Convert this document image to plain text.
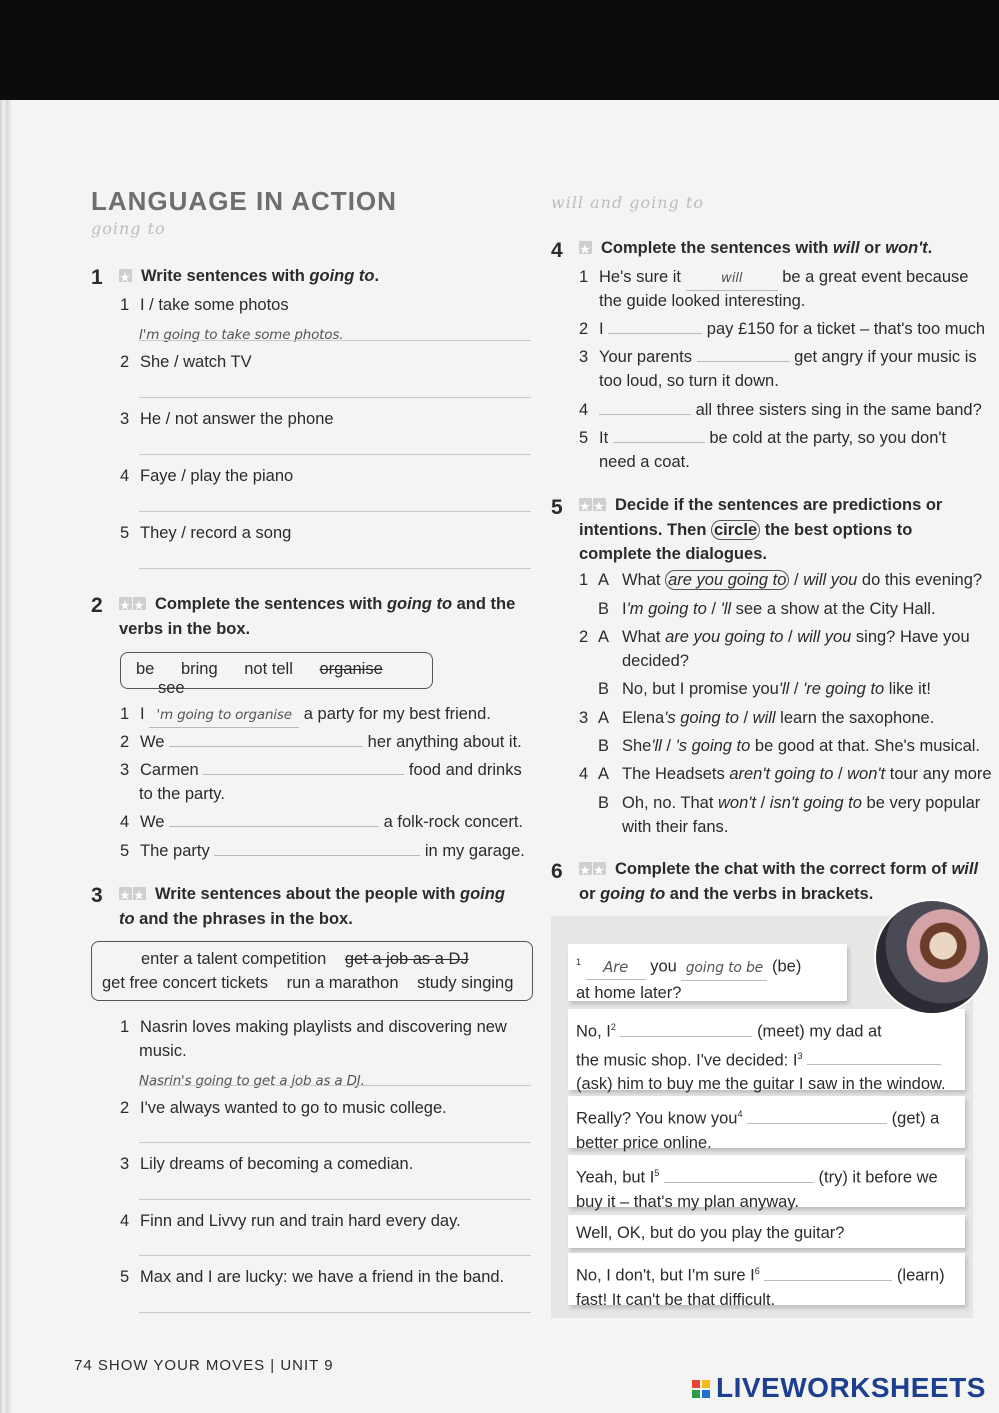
LANGUAGE IN ACTION
going to
1 ★	Write sentences with going to.
1 I / take some photos
I'm going to take some photos.
2 She / watch TV
3 He / not answer the phone
4 Faye / play the piano
5 They / record a song
2 ★★	Complete the sentences with going to and the
verbs in the box.
be bring not tell organise see
1 I 'm going to organise a party for my best friend.
2 We	her anything about it.
3 Carmen	food and drinks
to the party.
4 We	a folk-rock concert.
5 The party	in my garage.
3 ★★	Write sentences about the people with going
to and the phrases in the box.
enter a talent competition get a job as a DJ
get free concert tickets run a marathon study singing
1 Nasrin loves making playlists and discovering new
music.
Nasrin's going to get a job as a DJ.
2 I've always wanted to go to music college.
3 Lily dreams of becoming a comedian.
4 Finn and Livvy run and train hard every day.
5 Max and I are lucky: we have a friend in the band.
will and going to
4 ★	Complete the sentences with will or won't.
1 He's sure it	will be a great event because
the guide looked interesting.
2 I	pay £150 for a ticket – that's too much
3 Your parents	get angry if your music is
too loud, so turn it down.
4	all three sisters sing in the same band?
5 It	be cold at the party, so you don't
need a coat.
5 ★★	Decide if the sentences are predictions or
intentions. Then circle the best options to
complete the dialogues.
1 A What are you going to / will you do this evening?
B I'm going to / 'll see a show at the City Hall.
2 A What are you going to / will you sing? Have you
decided?
B No, but I promise you'll / 're going to like it!
3 A Elena's going to / will learn the saxophone.
B She'll / 's going to be good at that. She's musical.
4 A The Headsets aren't going to / won't tour any more
B Oh, no. That won't / isn't going to be very popular
with their fans.
6 ★★	Complete the chat with the correct form of will
or going to and the verbs in brackets.
$^1$ Are you going to be (be)
at home later?
No, $I^2$	(meet) my dad at
the music shop. I've decided: $I^3$
(ask) him to buy me the guitar I saw in the window.
Really? You know you$^4$	(get) a
better price online.
Yeah, but $I^5$	(try) it before we
buy it – that's my plan anyway.
Well, OK, but do you play the guitar?
No, I don't, but I'm sure $I^6$	(learn)
fast! It can't be that difficult.
74 SHOW YOUR MOVES | UNIT 9

LIVEWORKSHEETS
